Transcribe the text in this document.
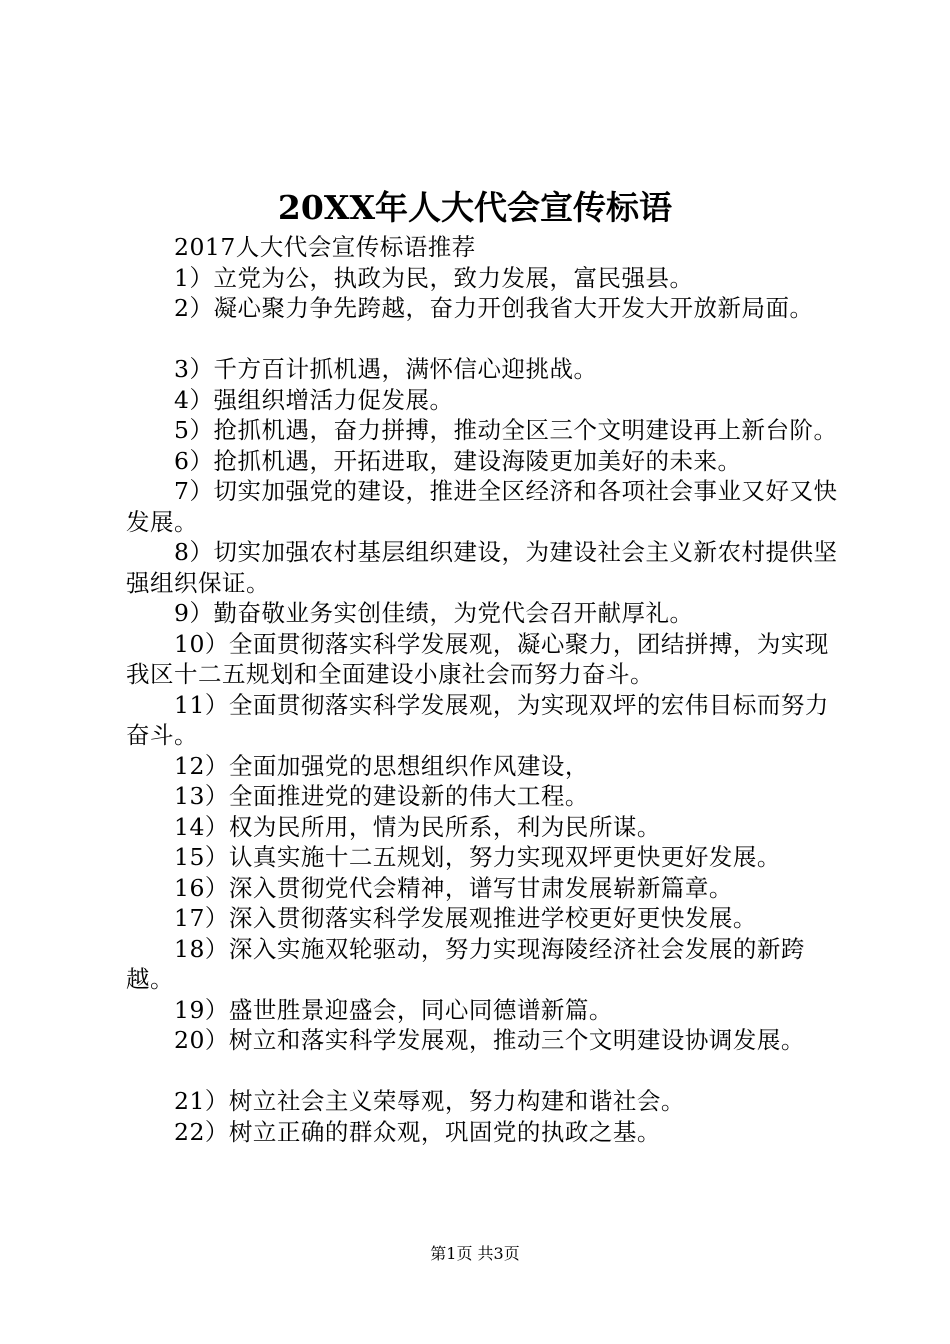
20XX年人大代会宣传标语

2017人大代会宣传标语推荐

1）立党为公，执政为民，致力发展，富民强县。

2）凝心聚力争先跨越，奋力开创我省大开发大开放新局面。

3）千方百计抓机遇，满怀信心迎挑战。

4）强组织增活力促发展。

5）抢抓机遇，奋力拼搏，推动全区三个文明建设再上新台阶。

6）抢抓机遇，开拓进取，建设海陵更加美好的未来。

7）切实加强党的建设，推进全区经济和各项社会事业又好又快发展。

8）切实加强农村基层组织建设，为建设社会主义新农村提供坚强组织保证。

9）勤奋敬业务实创佳绩，为党代会召开献厚礼。

10）全面贯彻落实科学发展观，凝心聚力，团结拼搏，为实现我区十二五规划和全面建设小康社会而努力奋斗。

11）全面贯彻落实科学发展观，为实现双坪的宏伟目标而努力奋斗。

12）全面加强党的思想组织作风建设，

13）全面推进党的建设新的伟大工程。

14）权为民所用，情为民所系，利为民所谋。

15）认真实施十二五规划，努力实现双坪更快更好发展。

16）深入贯彻党代会精神，谱写甘肃发展崭新篇章。

17）深入贯彻落实科学发展观推进学校更好更快发展。

18）深入实施双轮驱动，努力实现海陵经济社会发展的新跨越。

19）盛世胜景迎盛会，同心同德谱新篇。

20）树立和落实科学发展观，推动三个文明建设协调发展。

21）树立社会主义荣辱观，努力构建和谐社会。

22）树立正确的群众观，巩固党的执政之基。

第1页 共3页
